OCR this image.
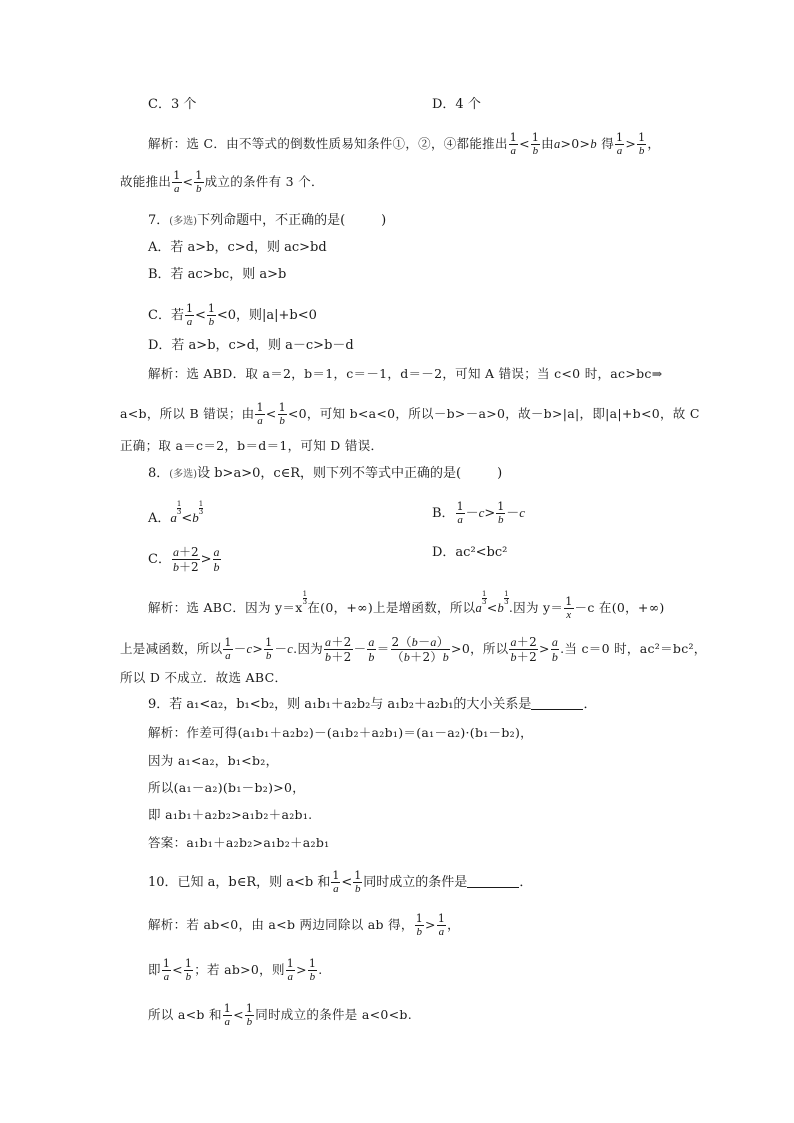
C．3 个	D．4 个
解析：选 C．由不等式的倒数性质易知条件①，②，④都能推出 $\frac{1}{a} < \frac{1}{b}$ 由a>0>b 得 $\frac{1}{a} > \frac{1}{b}$ ，
故能推出 $\frac{1}{a} < \frac{1}{b}$ 成立的条件有 3 个．
7．(多选)下列命题中，不正确的是(	)
A．若 a>b，c>d，则 ac>bd
B．若 ac>bc，则 a>b
C．若 $\frac{1}{a} < \frac{1}{b} <0$，则|a|+b<0
D．若 a>b，c>d，则 a－c>b－d
解析：选 ABD．取 a＝2，b＝1，c＝－1，d＝－2，可知 A 错误；当 c<0 时，ac>bc⇒
a<b，所以 B 错误；由 $\frac{1}{a} < \frac{1}{b} <0$，可知 b<a<0，所以－b>－a>0，故－b>|a|，即|a|+b<0，故 C
正确；取 a＝c＝2，b＝d＝1，可知 D 错误．
8．(多选)设 b>a>0，c∈R，则下列不等式中正确的是(	)
A．a
$\frac{1}{3}$
<b
$\frac{1}{3}$	B． $\frac{1}{a} -c> \frac{1}{b} -c$
C． $\frac{a+2}{b+2} > \frac{a}{b}$	D．ac²<bc²
解析：选 ABC．因为 y＝x
$\frac{1}{3}$
在(0，+∞)上是增函数，所以a
$\frac{1}{3}$
<b
$\frac{1}{3}$
.因为 $y= \frac{1}{x} -c$ 在(0，+∞)
上是减函数，所以 $\frac{1}{a} -c> \frac{1}{b} -c$.因为 $\frac{a+2}{b+2} - \frac{a}{b} = \frac{2(b-a)}{(b+2)b} >0$，所以 $\frac{a+2}{b+2} > \frac{a}{b}$ .当 c＝0 时，ac²＝bc²，
所以 D 不成立．故选 ABC．
9．若 a₁<a₂，b₁<b₂，则 a₁b₁＋a₂b₂与 a₁b₂＋a₂b₁的大小关系是	．
解析：作差可得(a₁b₁＋a₂b₂)－(a₁b₂＋a₂b₁)＝(a₁－a₂)·(b₁－b₂)，
因为 a₁<a₂，b₁<b₂，
所以(a₁－a₂)(b₁－b₂)>0，
即 a₁b₁＋a₂b₂>a₁b₂＋a₂b₁.
答案：a₁b₁＋a₂b₂>a₁b₂＋a₂b₁
10．已知 a，b∈R，则 a<b 和 $\frac{1}{a} < \frac{1}{b}$ 同时成立的条件是	．
解析：若 ab<0，由 a<b 两边同除以 ab 得， $\frac{1}{b} > \frac{1}{a}$ ，
即 $\frac{1}{a} < \frac{1}{b}$ ；若 ab>0，则 $\frac{1}{a} > \frac{1}{b}$ .
所以 a<b 和 $\frac{1}{a} < \frac{1}{b}$ 同时成立的条件是 a<0<b.
